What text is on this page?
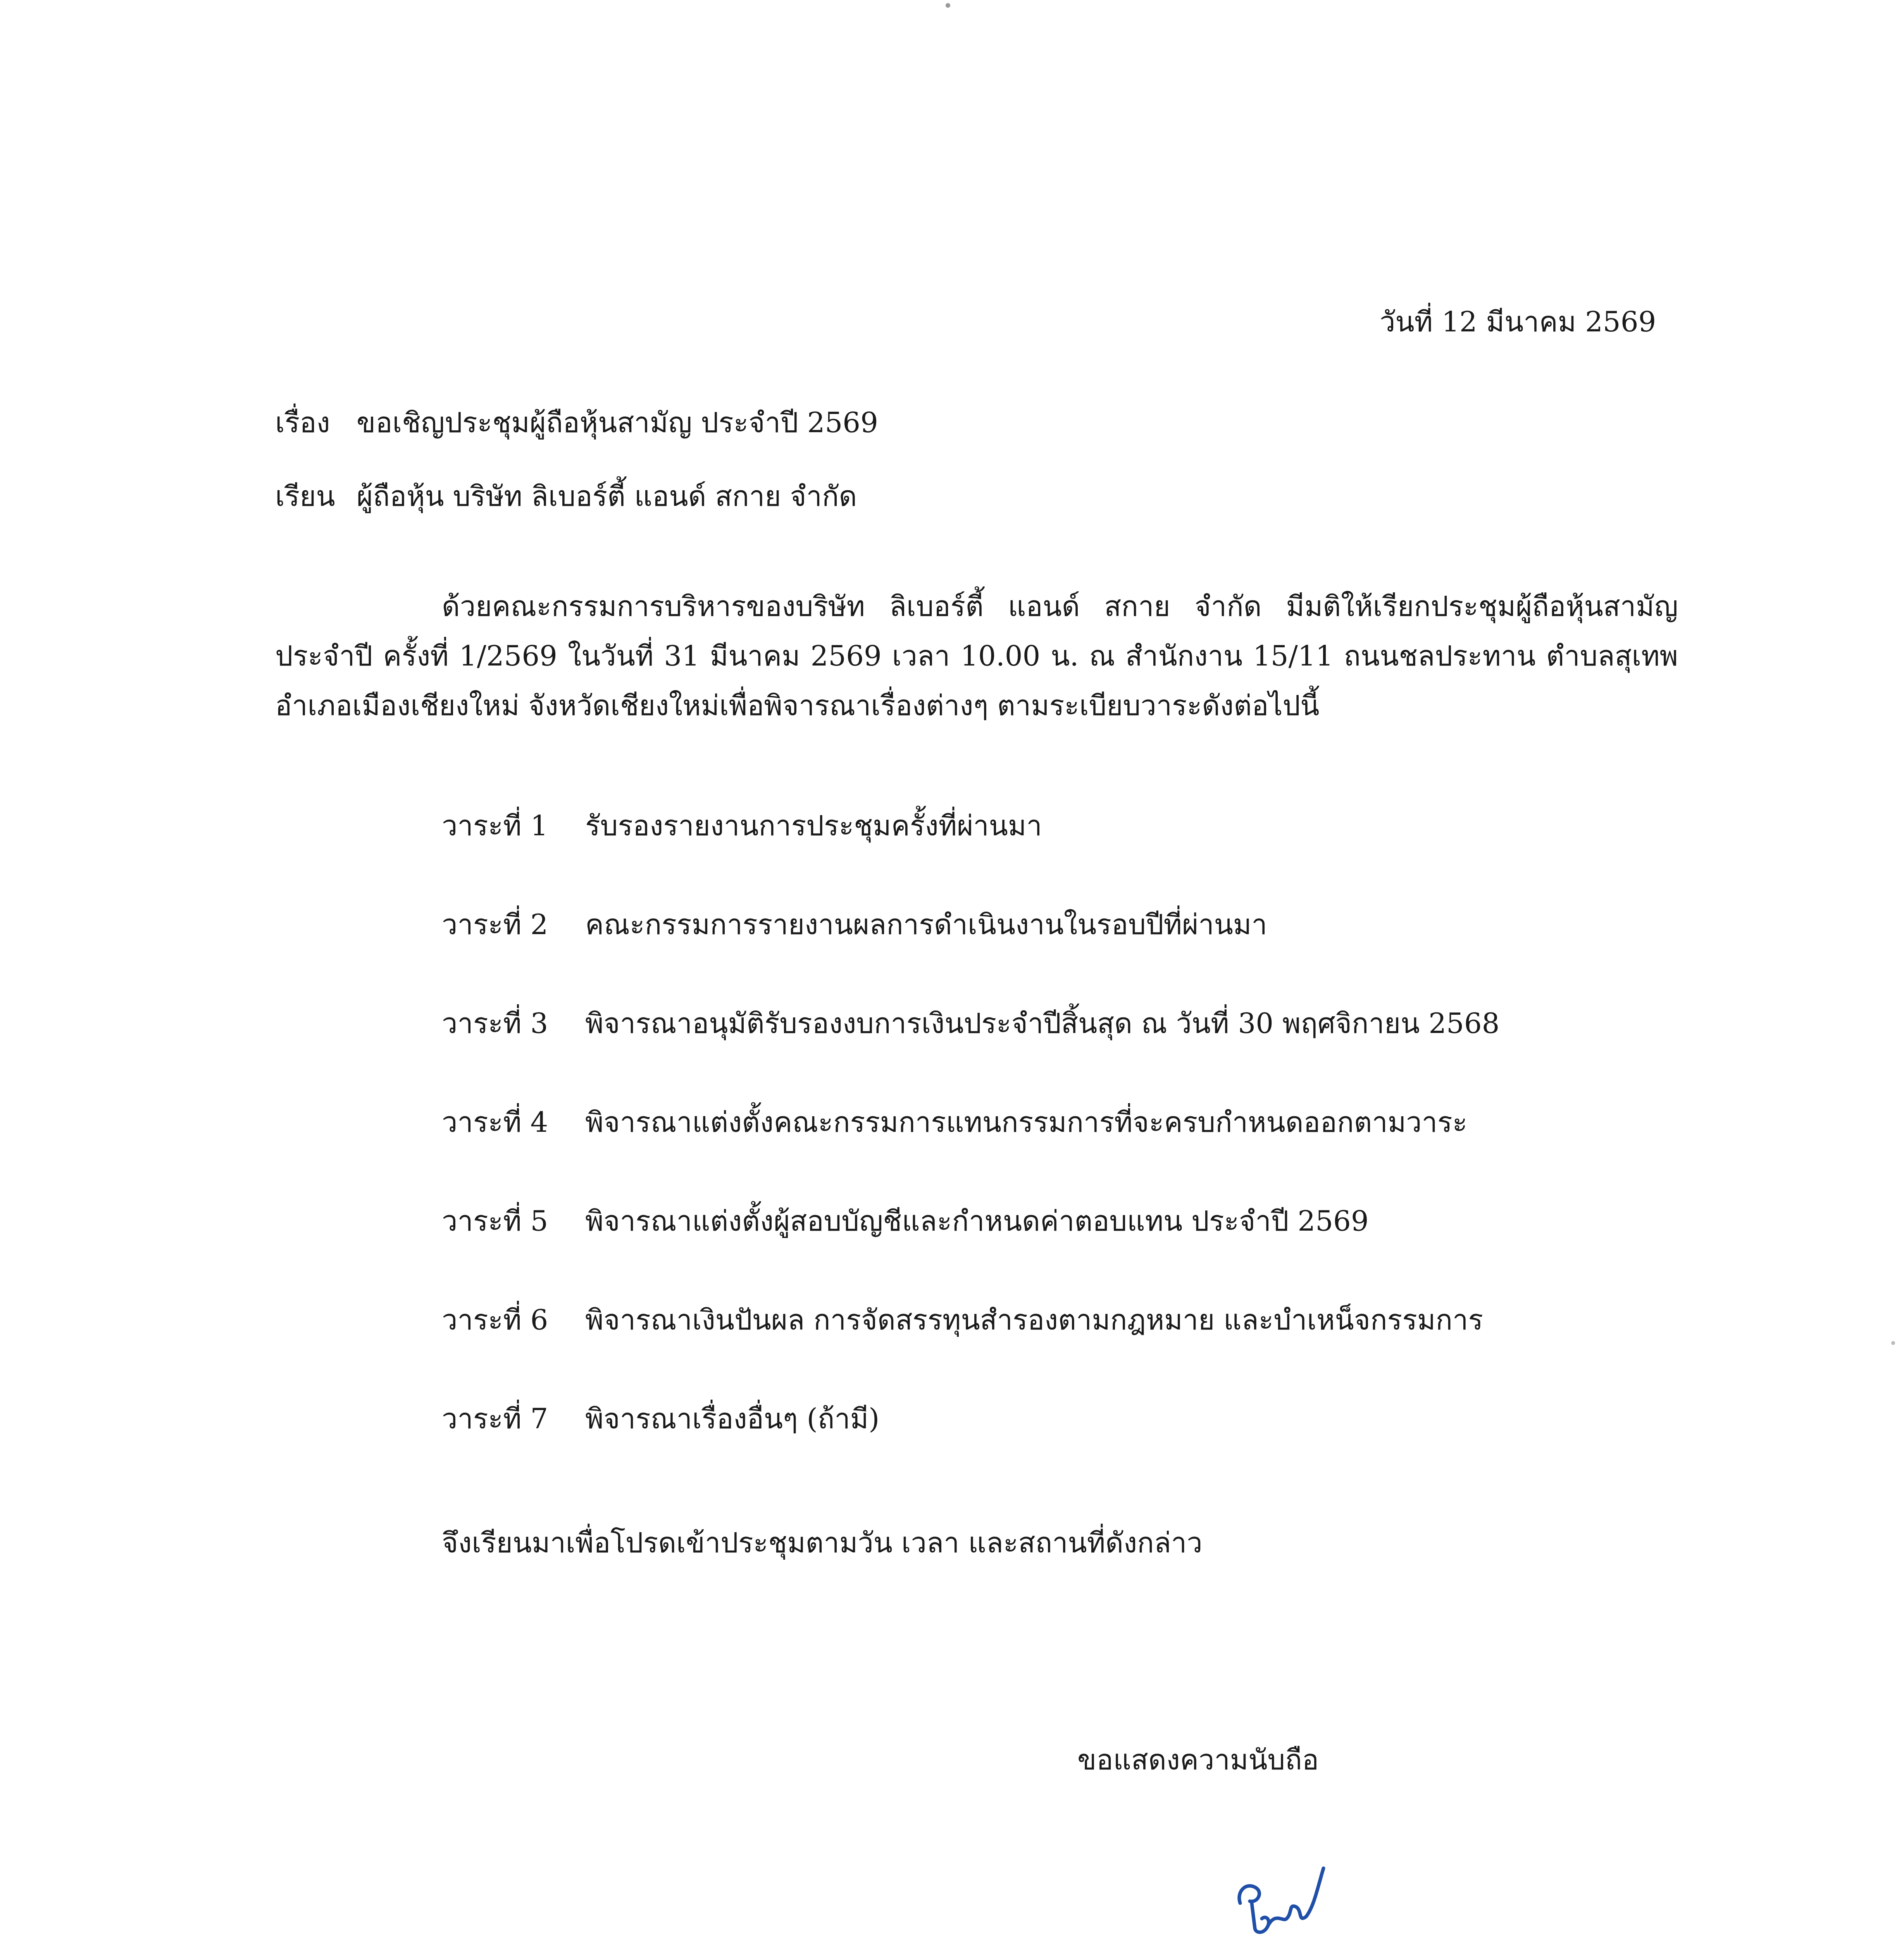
วันที่ 12 มีนาคม 2569
เรื่อง ขอเชิญประชุมผู้ถือหุ้นสามัญ ประจำปี 2569
เรียน ผู้ถือหุ้น บริษัท ลิเบอร์ตี้ แอนด์ สกาย จำกัด
ด้วยคณะกรรมการบริหารของบริษัท ลิเบอร์ตี้ แอนด์ สกาย จำกัด มีมติให้เรียกประชุมผู้ถือหุ้นสามัญประจำปี ครั้งที่ 1/2569 ในวันที่ 31 มีนาคม 2569 เวลา 10.00 น. ณ สำนักงาน 15/11 ถนนชลประทาน ตำบลสุเทพ อำเภอเมืองเชียงใหม่ จังหวัดเชียงใหม่เพื่อพิจารณาเรื่องต่างๆ ตามระเบียบวาระดังต่อไปนี้
วาระที่ 1 รับรองรายงานการประชุมครั้งที่ผ่านมา
วาระที่ 2 คณะกรรมการรายงานผลการดำเนินงานในรอบปีที่ผ่านมา
วาระที่ 3 พิจารณาอนุมัติรับรองงบการเงินประจำปีสิ้นสุด ณ วันที่ 30 พฤศจิกายน 2568
วาระที่ 4 พิจารณาแต่งตั้งคณะกรรมการแทนกรรมการที่จะครบกำหนดออกตามวาระ
วาระที่ 5 พิจารณาแต่งตั้งผู้สอบบัญชีและกำหนดค่าตอบแทน ประจำปี 2569
วาระที่ 6 พิจารณาเงินปันผล การจัดสรรทุนสำรองตามกฎหมาย และบำเหน็จกรรมการ
วาระที่ 7 พิจารณาเรื่องอื่นๆ (ถ้ามี)
จึงเรียนมาเพื่อโปรดเข้าประชุมตามวัน เวลา และสถานที่ดังกล่าว
ขอแสดงความนับถือ
